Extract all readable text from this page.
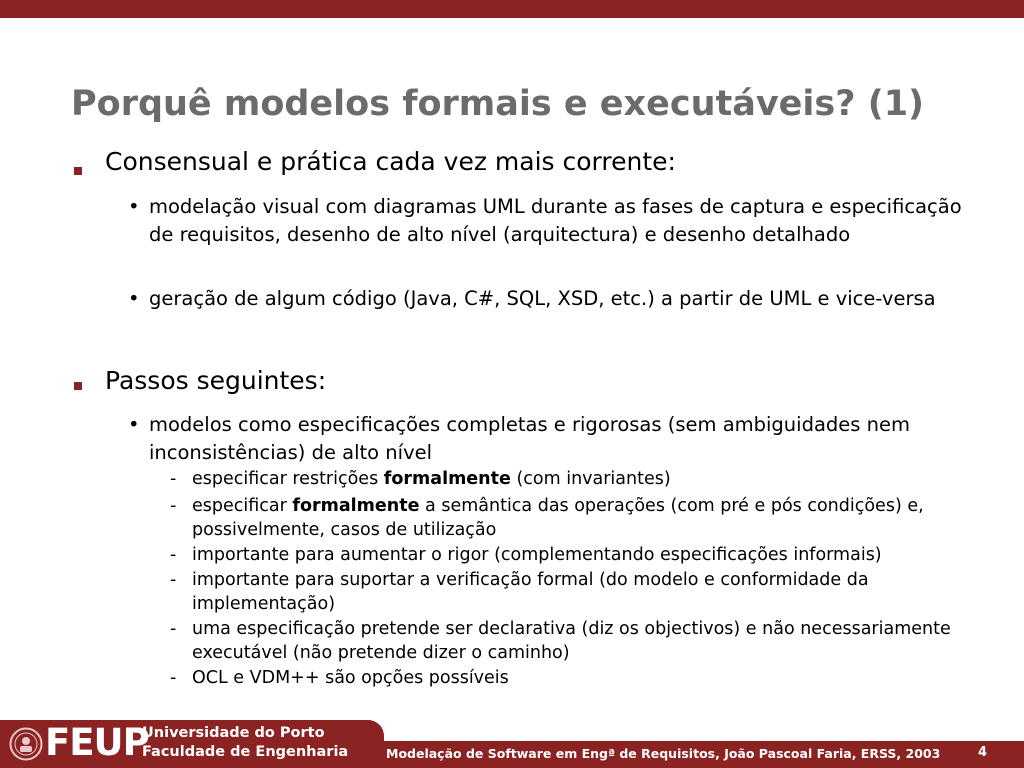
Porquê modelos formais e executáveis? (1)
Consensual e prática cada vez mais corrente:
• modelação visual com diagramas UML durante as fases de captura e especificação de requisitos, desenho de alto nível (arquitectura) e desenho detalhado
• geração de algum código (Java, C#, SQL, XSD, etc.) a partir de UML e vice-versa
Passos seguintes:
• modelos como especificações completas e rigorosas (sem ambiguidades nem inconsistências) de alto nível
- especificar restrições formalmente (com invariantes)
- especificar formalmente a semântica das operações (com pré e pós condições) e, possivelmente, casos de utilização
- importante para aumentar o rigor (complementando especificações informais)
- importante para suportar a verificação formal (do modelo e conformidade da implementação)
- uma especificação pretende ser declarativa (diz os objectivos) e não necessariamente executável (não pretende dizer o caminho)
- OCL e VDM++ são opções possíveis
FEUP
Universidade do Porto
Faculdade de Engenharia	Modelação de Software em Engª de Requisitos, João Pascoal Faria, ERSS, 2003	4
